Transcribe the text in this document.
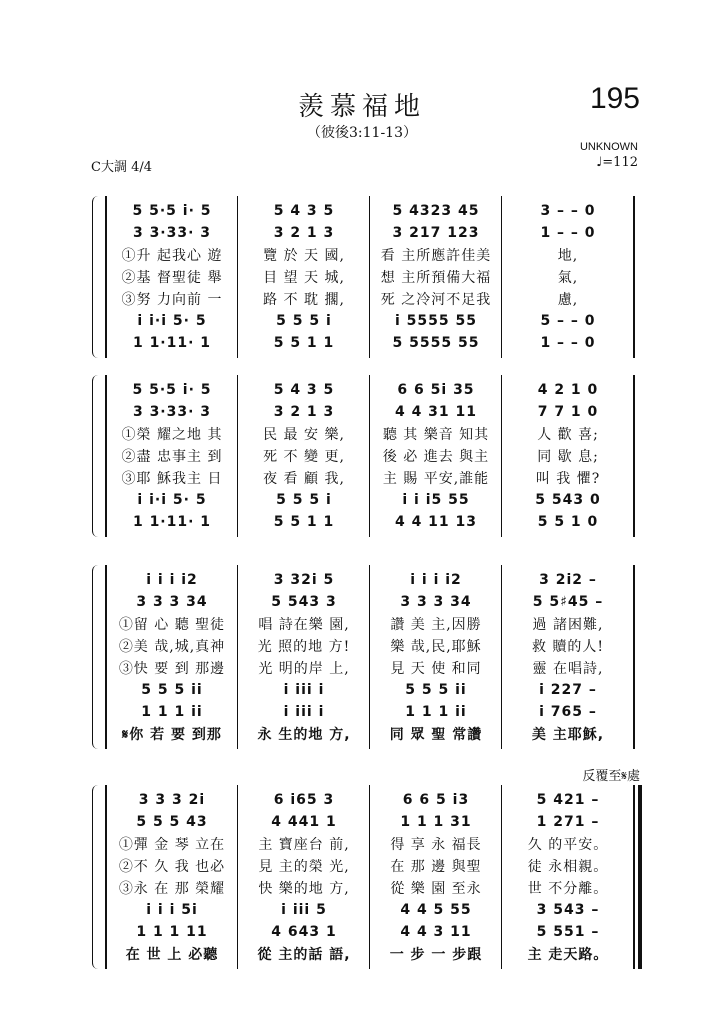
羨慕福地
（彼後3:11-13）
195
UNKNOWN
C大調 4/4	♩=112
5 5·5 i· 5	5 4 3 5	5 4323 45	3 – – 0
3 3·33· 3	3 2 1 3	3 217 123	1 – – 0
①升 起我心 遊	覽 於 天 國,	看 主所應許佳美	地,
②基 督聖徒 舉	目 望 天 城,	想 主所預備大福	氣,
③努 力向前 一	路 不 耽 擱,	死 之冷河不足我	慮,
i i·i 5· 5	5 5 5 i	i 5555 55	5 – – 0
1 1·11· 1	5 5 1 1	5 5555 55	1 – – 0
5 5·5 i· 5	5 4 3 5	6 6 5i 35	4 2 1 0
3 3·33· 3	3 2 1 3	4 4 31 11	7 7 1 0
①榮 耀之地 其	民 最 安 樂,	聽 其 樂音 知其	人 歡 喜;
②盡 忠事主 到	死 不 變 更,	後 必 進去 與主	同 歇 息;
③耶 穌我主 日	夜 看 顧 我,	主 賜 平安,誰能	叫 我 懼?
i i·i 5· 5	5 5 5 i	i i i5 55	5 543 0
1 1·11· 1	5 5 1 1	4 4 11 13	5 5 1 0
i i i i2	3 32i 5	i i i i2	3 2i2 –
3 3 3 34	5 543 3	3 3 3 34	5 5♯45 –
①留 心 聽 聖徒	唱 詩在樂 園,	讚 美 主,因勝	過 諸困難,
②美 哉,城,真神	光 照的地 方!	樂 哉,民,耶穌	救 贖的人!
③快 要 到 那邊	光 明的岸 上,	見 天 使 和同	靈 在唱詩,
5 5 5 ii	i iii i	5 5 5 ii	i 227 –
1 1 1 ii	i iii i	1 1 1 ii	i 765 –
𝄋你 若 要 到那	永 生的地 方,	同 眾 聖 常讚	美 主耶穌,
3 3 3 2i	6 i65 3	6 6 5 i3	5 421 –
5 5 5 43	4 441 1	1 1 1 31	1 271 –
①彈 金 琴 立在	主 寶座台 前,	得 享 永 福長	久 的平安。
②不 久 我 也必	見 主的榮 光,	在 那 邊 與聖	徒 永相親。
③永 在 那 榮耀	快 樂的地 方,	從 樂 園 至永	世 不分離。
i i i 5i	i iii 5	4 4 5 55	3 543 –
1 1 1 11	4 643 1	4 4 3 11	5 551 –
在 世 上 必聽	從 主的話 語,	一 步 一 步跟	主 走天路。
反覆至𝄋處
